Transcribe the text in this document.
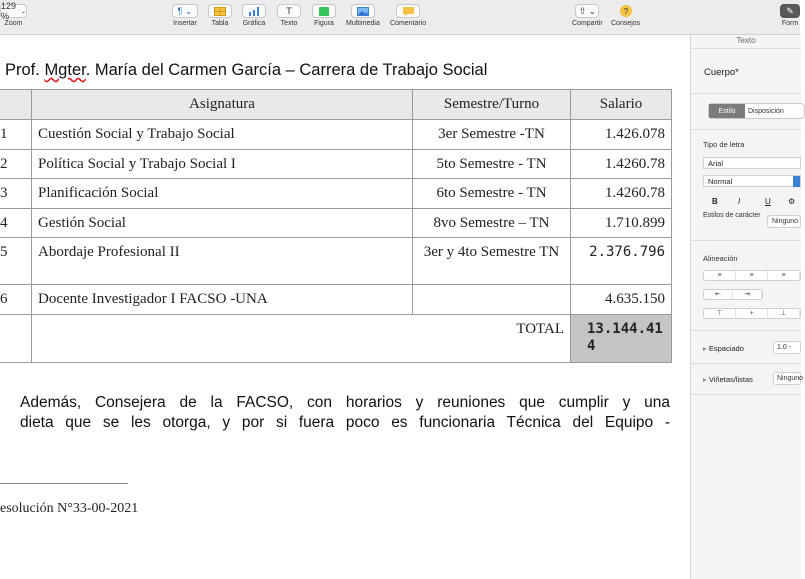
129 %	⌄
Zoom
¶ ⌄
Insertar Tabla Gráfica
T
Texto Figura Multimedia Comentario
⇧ ⌄
Compartir
?
Consejos
✎
Form
Prof. Mgter. María del Carmen García – Carrera de Trabajo Social
	Asignatura	Semestre/Turno	Salario
1	Cuestión Social y Trabajo Social	3er Semestre -TN	1.426.078
2	Política Social y Trabajo Social I	5to Semestre - TN	1.4260.78
3	Planificación Social	6to Semestre - TN	1.4260.78
4	Gestión Social	8vo Semestre – TN	1.710.899
5	Abordaje Profesional II	3er y 4to Semestre TN	2.376.796
6	Docente Investigador I FACSO -UNA		4.635.150
	TOTAL		13.144.414
Además, Consejera de la FACSO, con horarios y reuniones que cumplir y una
dieta que se les otorga, y por si fuera poco es funcionaria Técnica del Equipo -
esolución N°33-00-2021
Texto
Cuerpo*
Estilo	Disposición
Tipo de letra
Arial
Normal
B	I	U ⚙︎
Estilos de carácter
Ninguno
Alineación
≡	≡	≡
⇤	⇥
⊤	+	⊥
▸ Espaciado	1.0 -
▸ Viñetas/listas	Ninguno
